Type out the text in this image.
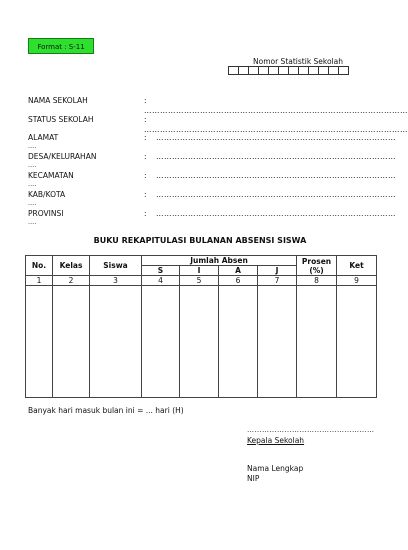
Format : S-11
Nomor Statistik Sekolah
NAMA SEKOLAH	:
………………………………………………………………………………………
STATUS SEKOLAH	:
………………………………………………………………………………………
ALAMAT	: ………………………………………………………………………………
....
DESA/KELURAHAN	: ………………………………………………………………………………
....
KECAMATAN	: ………………………………………………………………………………
....
KAB/KOTA	: ………………………………………………………………………………
....
PROVINSI	: ………………………………………………………………………………
....
BUKU REKAPITULASI BULANAN ABSENSI SISWA
No.	Kelas	Siswa	Jumlah Absen				Prosen (%)	Ket
			S	I	A	J		
1	2	3	4	5	6	7	8	9

Banyak hari masuk bulan ini = ... hari (H)
……………………………………………
Kepala Sekolah
Nama Lengkap
NIP
